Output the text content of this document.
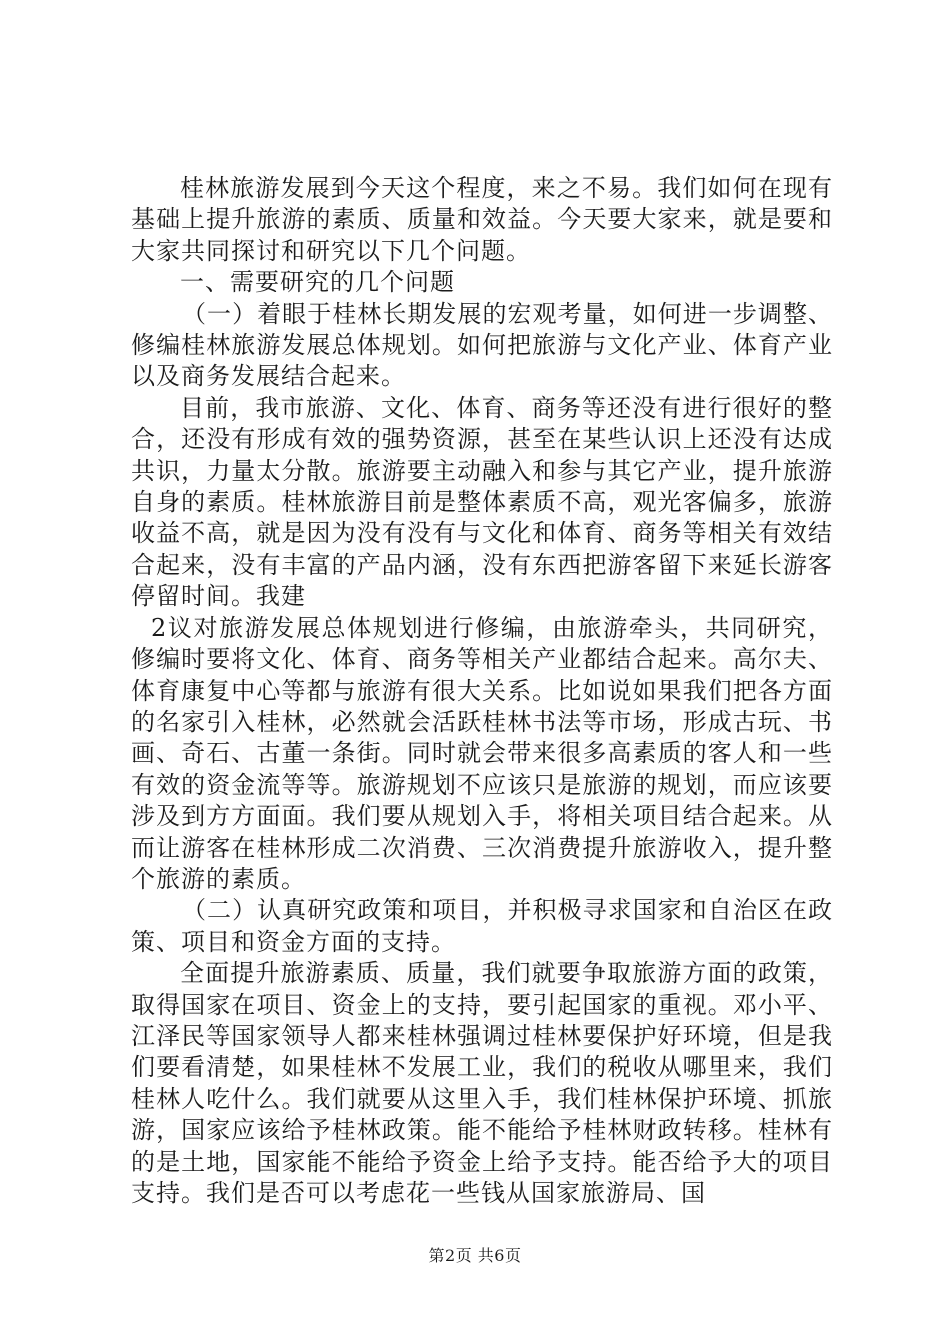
桂林旅游发展到今天这个程度，来之不易。我们如何在现有基础上提升旅游的素质、质量和效益。今天要大家来，就是要和大家共同探讨和研究以下几个问题。

一、需要研究的几个问题

（一）着眼于桂林长期发展的宏观考量，如何进一步调整、修编桂林旅游发展总体规划。如何把旅游与文化产业、体育产业以及商务发展结合起来。

目前，我市旅游、文化、体育、商务等还没有进行很好的整合，还没有形成有效的强势资源，甚至在某些认识上还没有达成共识，力量太分散。旅游要主动融入和参与其它产业，提升旅游自身的素质。桂林旅游目前是整体素质不高，观光客偏多，旅游收益不高，就是因为没有没有与文化和体育、商务等相关有效结合起来，没有丰富的产品内涵，没有东西把游客留下来延长游客停留时间。我建

2议对旅游发展总体规划进行修编，由旅游牵头，共同研究，修编时要将文化、体育、商务等相关产业都结合起来。高尔夫、体育康复中心等都与旅游有很大关系。比如说如果我们把各方面的名家引入桂林，必然就会活跃桂林书法等市场，形成古玩、书画、奇石、古董一条街。同时就会带来很多高素质的客人和一些有效的资金流等等。旅游规划不应该只是旅游的规划，而应该要涉及到方方面面。我们要从规划入手，将相关项目结合起来。从而让游客在桂林形成二次消费、三次消费提升旅游收入，提升整个旅游的素质。

（二）认真研究政策和项目，并积极寻求国家和自治区在政策、项目和资金方面的支持。

全面提升旅游素质、质量，我们就要争取旅游方面的政策，取得国家在项目、资金上的支持，要引起国家的重视。邓小平、江泽民等国家领导人都来桂林强调过桂林要保护好环境，但是我们要看清楚，如果桂林不发展工业，我们的税收从哪里来，我们桂林人吃什么。我们就要从这里入手，我们桂林保护环境、抓旅游，国家应该给予桂林政策。能不能给予桂林财政转移。桂林有的是土地，国家能不能给予资金上给予支持。能否给予大的项目支持。我们是否可以考虑花一些钱从国家旅游局、国

第2页 共6页
